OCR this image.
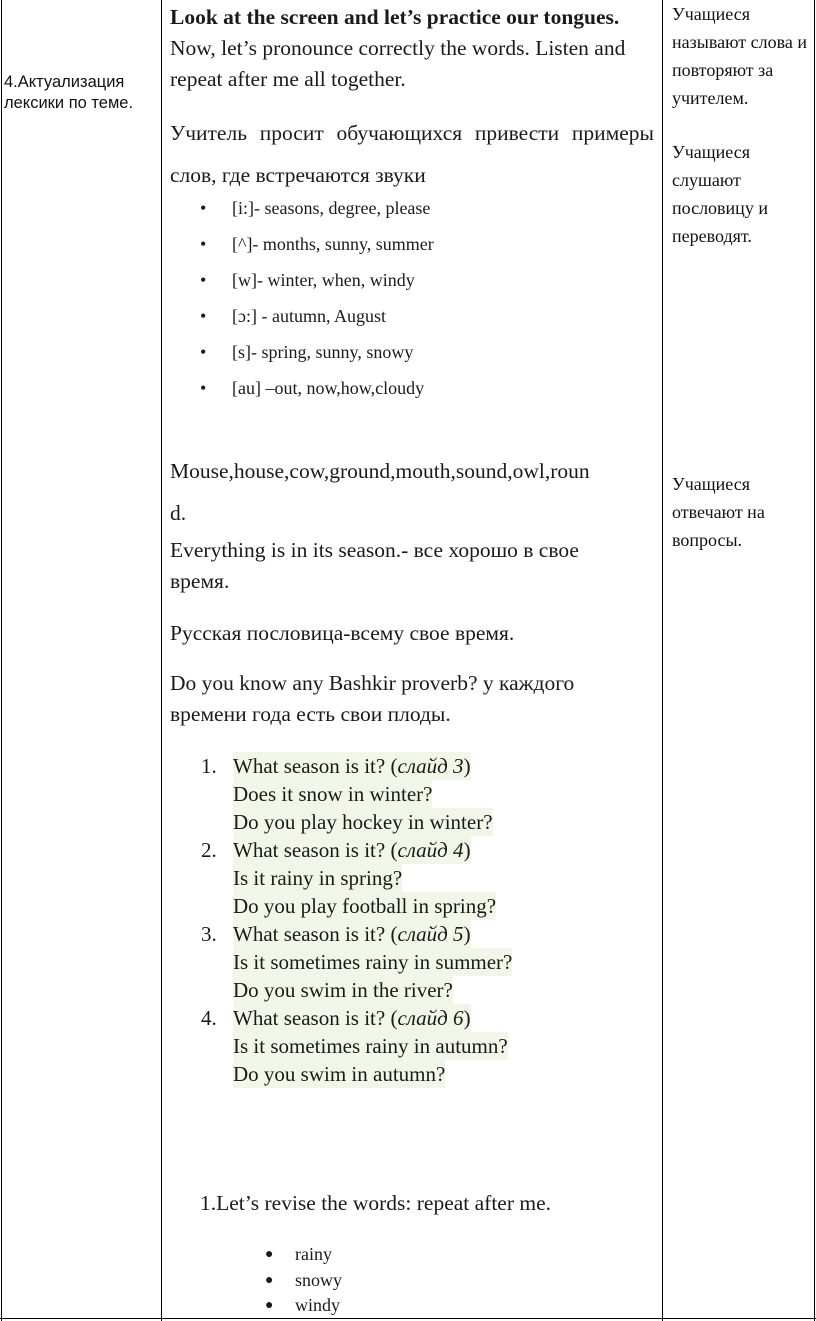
4.Актуализация лексики по теме.
Look at the screen and let’s practice our tongues. Now, let’s pronounce correctly the words. Listen and repeat after me all together.
Учитель просит обучающихся привести примеры слов, где встречаются звуки
• [i:]- seasons, degree, please
• [^]- months, sunny, summer
• [w]- winter, when, windy
• [ɔ:] - autumn, August
• [s]- spring, sunny, snowy
• [au] –out, now,how,cloudy
Mouse,house,cow,ground,mouth,sound,owl,roun
d.
Everything is in its season.- все хорошо в свое время.
Русская пословица-всему свое время.
Do you know any Bashkir proverb? у каждого времени года есть свои плоды.
1. What season is it? (слайд 3)
Does it snow in winter?
Do you play hockey in winter?
2. What season is it? (слайд 4)
Is it rainy in spring?
Do you play football in spring?
3. What season is it? (слайд 5)
Is it sometimes rainy in summer?
Do you swim in the river?
4. What season is it? (слайд 6)
Is it sometimes rainy in autumn?
Do you swim in autumn?
1.Let’s revise the words: repeat after me.
● rainy
● snowy
● windy
Учащиеся называют слова и повторяют за учителем.
Учащиеся слушают пословицу и переводят.
Учащиеся отвечают на вопросы.
